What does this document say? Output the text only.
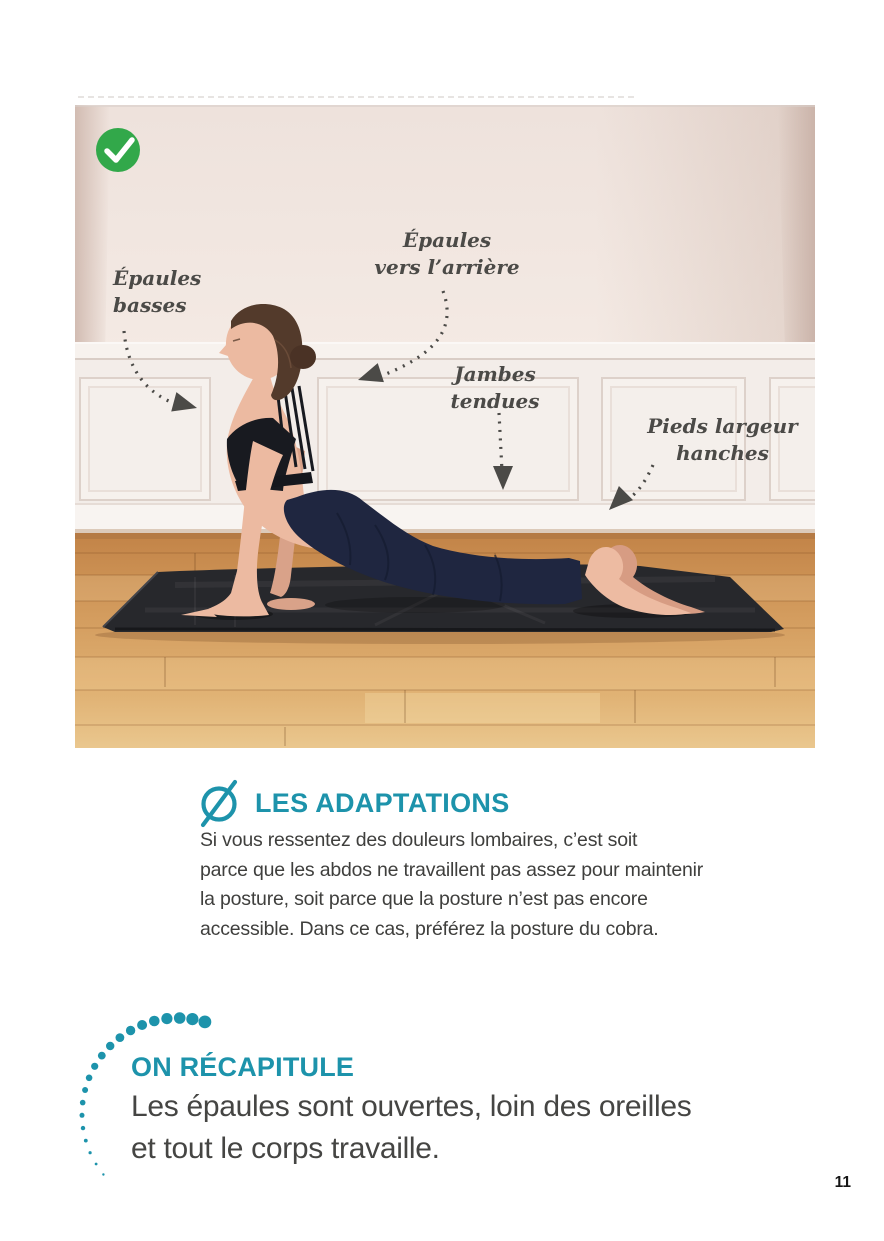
Épaules
basses
Épaules
vers l’arrière
Jambes
tendues
Pieds largeur
hanches
LES ADAPTATIONS
Si vous ressentez des douleurs lombaires, c’est soit
parce que les abdos ne travaillent pas assez pour maintenir
la posture, soit parce que la posture n’est pas encore
accessible. Dans ce cas, préférez la posture du cobra.
ON RÉCAPITULE
Les épaules sont ouvertes, loin des oreilles
et tout le corps travaille.
11
